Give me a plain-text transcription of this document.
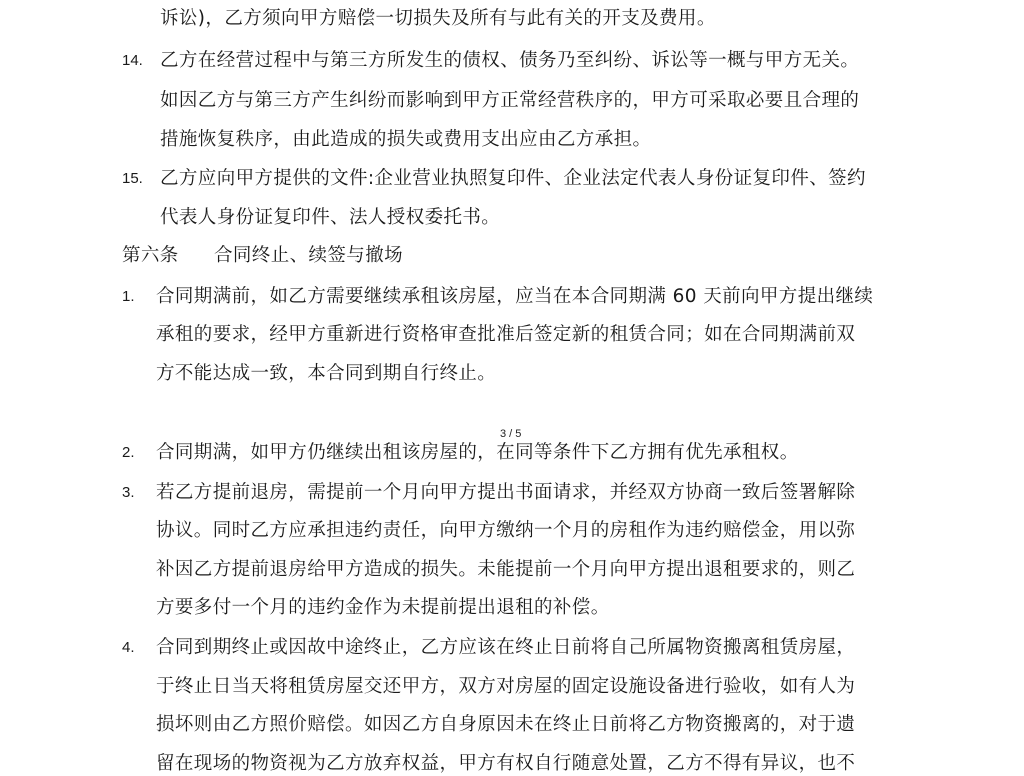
诉讼)，乙方须向甲方赔偿一切损失及所有与此有关的开支及费用。
14. 乙方在经营过程中与第三方所发生的债权、债务乃至纠纷、诉讼等一概与甲方无关。
如因乙方与第三方产生纠纷而影响到甲方正常经营秩序的，甲方可采取必要且合理的
措施恢复秩序，由此造成的损失或费用支出应由乙方承担。
15. 乙方应向甲方提供的文件:企业营业执照复印件、企业法定代表人身份证复印件、签约
代表人身份证复印件、法人授权委托书。
第六条 合同终止、续签与撤场
1. 合同期满前，如乙方需要继续承租该房屋，应当在本合同期满 60 天前向甲方提出继续
承租的要求，经甲方重新进行资格审查批准后签定新的租赁合同；如在合同期满前双
方不能达成一致，本合同到期自行终止。
3 / 5
2. 合同期满，如甲方仍继续出租该房屋的，在同等条件下乙方拥有优先承租权。
3. 若乙方提前退房，需提前一个月向甲方提出书面请求，并经双方协商一致后签署解除
协议。同时乙方应承担违约责任，向甲方缴纳一个月的房租作为违约赔偿金，用以弥
补因乙方提前退房给甲方造成的损失。未能提前一个月向甲方提出退租要求的，则乙
方要多付一个月的违约金作为未提前提出退租的补偿。
4. 合同到期终止或因故中途终止，乙方应该在终止日前将自己所属物资搬离租赁房屋，
于终止日当天将租赁房屋交还甲方，双方对房屋的固定设施设备进行验收，如有人为
损坏则由乙方照价赔偿。如因乙方自身原因未在终止日前将乙方物资搬离的，对于遗
留在现场的物资视为乙方放弃权益，甲方有权自行随意处置，乙方不得有异议，也不
